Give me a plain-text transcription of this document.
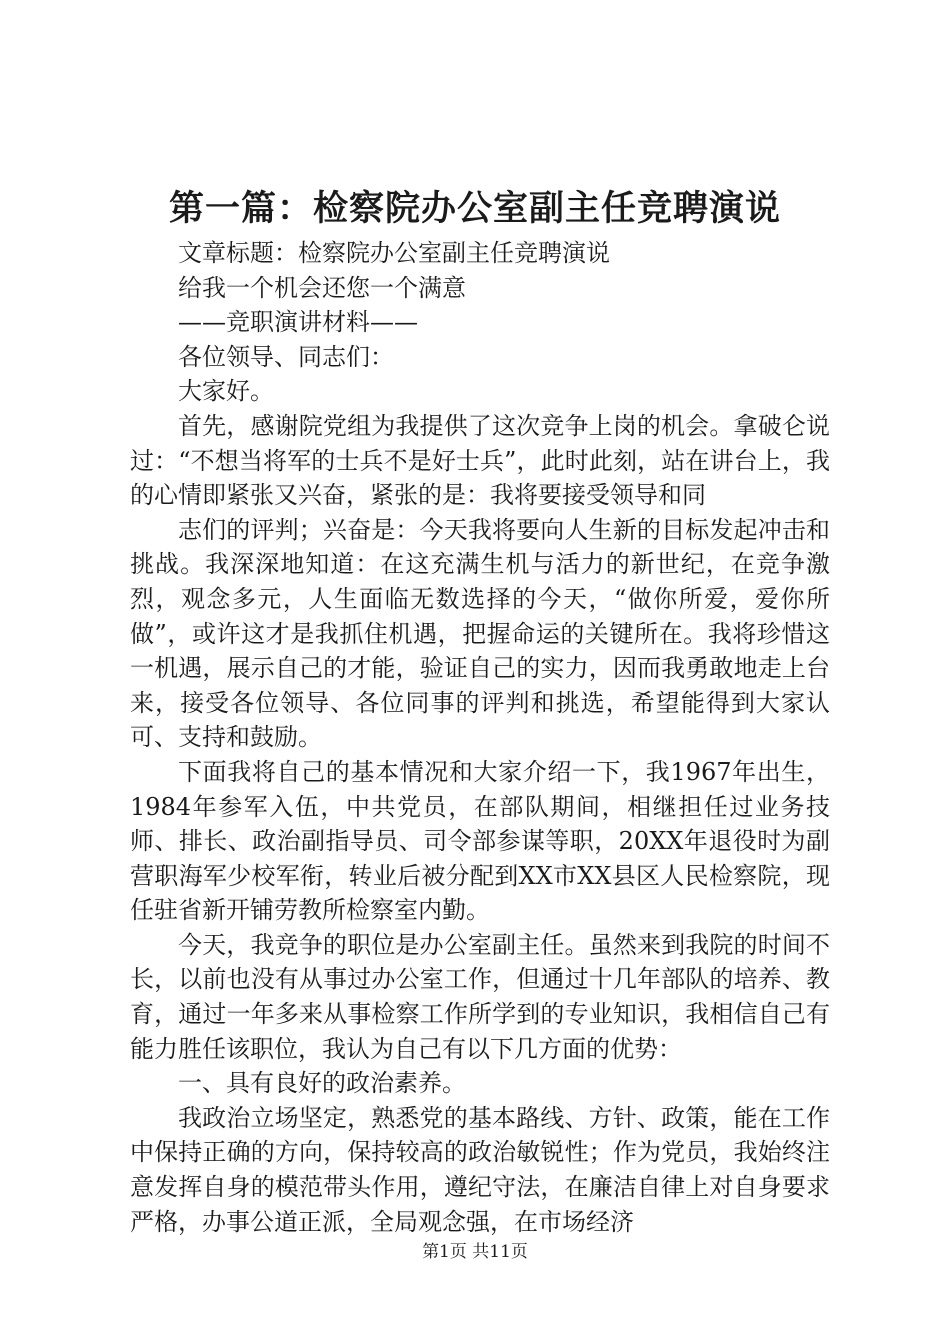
第一篇：检察院办公室副主任竞聘演说

文章标题：检察院办公室副主任竞聘演说

给我一个机会还您一个满意

——竞职演讲材料——

各位领导、同志们：

大家好。

首先，感谢院党组为我提供了这次竞争上岗的机会。拿破仑说过：“不想当将军的士兵不是好士兵”，此时此刻，站在讲台上，我的心情即紧张又兴奋，紧张的是：我将要接受领导和同

志们的评判；兴奋是：今天我将要向人生新的目标发起冲击和挑战。我深深地知道：在这充满生机与活力的新世纪，在竞争激烈，观念多元，人生面临无数选择的今天，“做你所爱，爱你所做”，或许这才是我抓住机遇，把握命运的关键所在。我将珍惜这一机遇，展示自己的才能，验证自己的实力，因而我勇敢地走上台来，接受各位领导、各位同事的评判和挑选，希望能得到大家认可、支持和鼓励。

下面我将自己的基本情况和大家介绍一下，我1967年出生，1984年参军入伍，中共党员，在部队期间，相继担任过业务技师、排长、政治副指导员、司令部参谋等职，20XX年退役时为副营职海军少校军衔，转业后被分配到XX市XX县区人民检察院，现任驻省新开铺劳教所检察室内勤。

今天，我竞争的职位是办公室副主任。虽然来到我院的时间不长，以前也没有从事过办公室工作，但通过十几年部队的培养、教育，通过一年多来从事检察工作所学到的专业知识，我相信自己有能力胜任该职位，我认为自己有以下几方面的优势：

一、具有良好的政治素养。

我政治立场坚定，熟悉党的基本路线、方针、政策，能在工作中保持正确的方向，保持较高的政治敏锐性；作为党员，我始终注意发挥自身的模范带头作用，遵纪守法，在廉洁自律上对自身要求严格，办事公道正派，全局观念强，在市场经济

第1页 共11页
